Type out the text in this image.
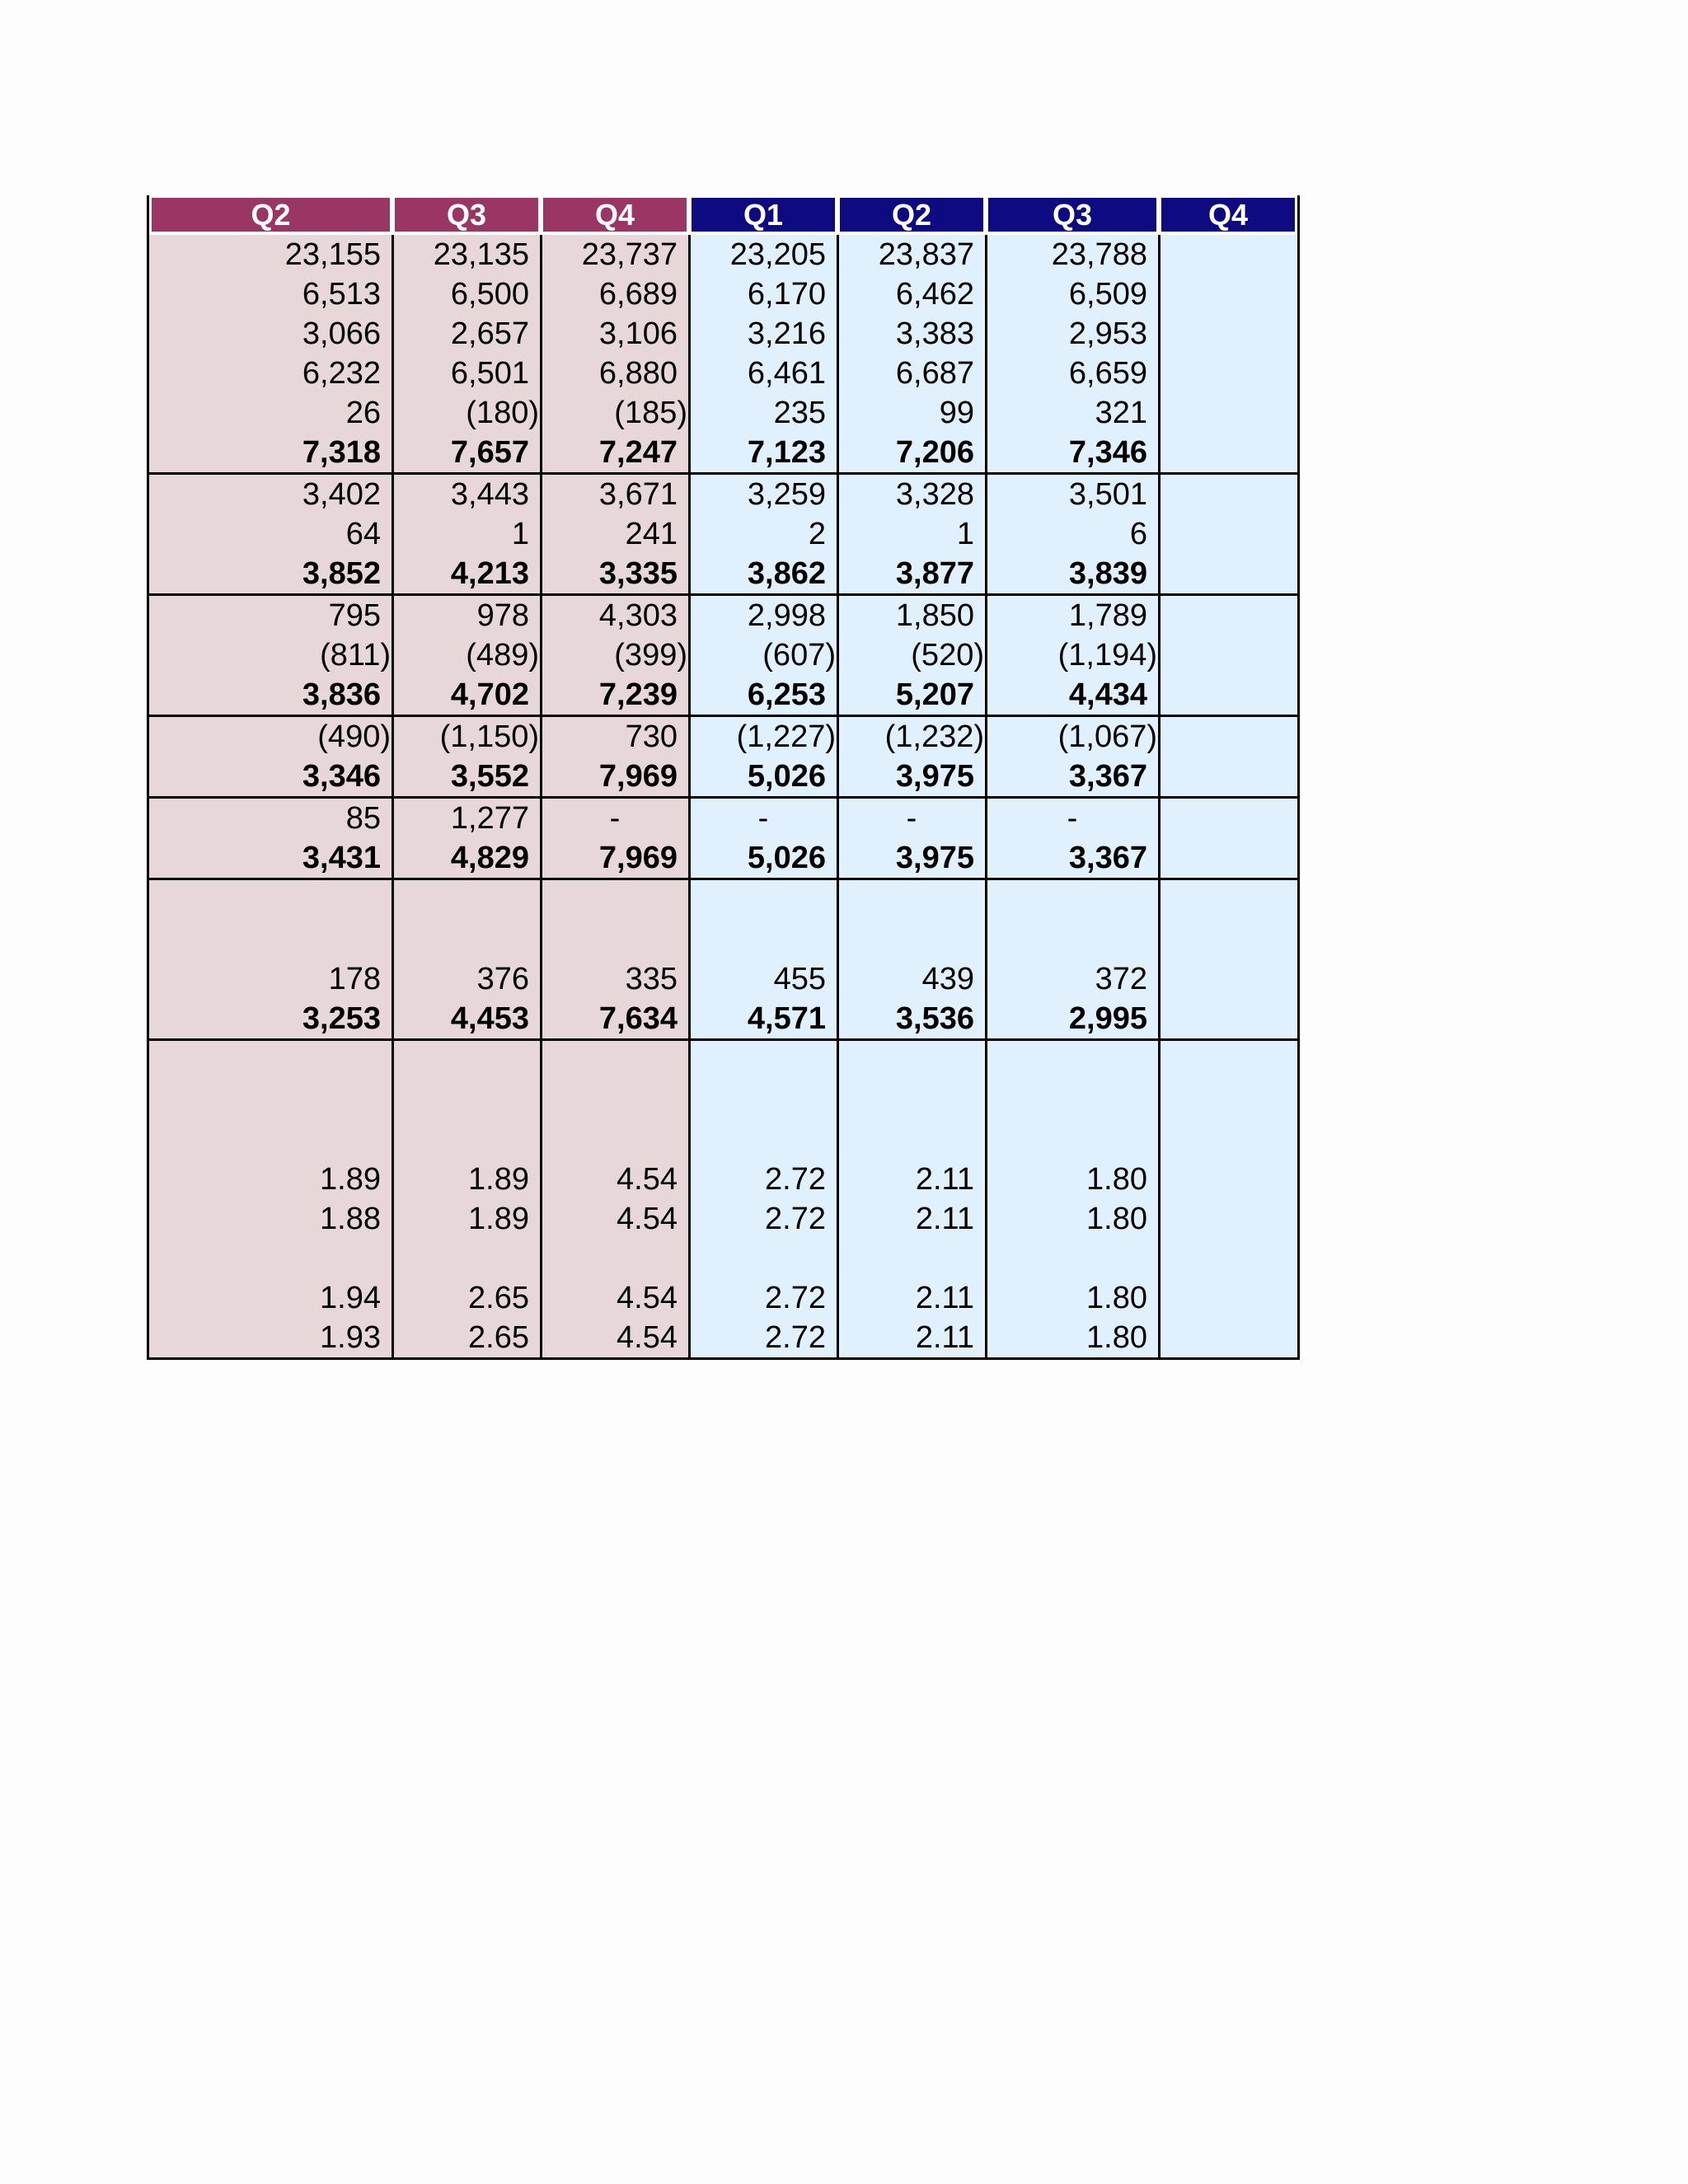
Q2	Q3	Q4	Q1	Q2	Q3	Q4
23,155	23,135	23,737	23,205	23,837	23,788
6,513	6,500	6,689	6,170	6,462	6,509
3,066	2,657	3,106	3,216	3,383	2,953
6,232	6,501	6,880	6,461	6,687	6,659
26	(180)	(185)	235	99	321
7,318	7,657	7,247	7,123	7,206	7,346
3,402	3,443	3,671	3,259	3,328	3,501
64	1	241	2	1	6
3,852	4,213	3,335	3,862	3,877	3,839
795	978	4,303	2,998	1,850	1,789
(811)	(489)	(399)	(607)	(520)	(1,194)
3,836	4,702	7,239	6,253	5,207	4,434
(490)	(1,150)	730	(1,227)	(1,232)	(1,067)
3,346	3,552	7,969	5,026	3,975	3,367
85	1,277	-	-	-	-
3,431	4,829	7,969	5,026	3,975	3,367
178	376	335	455	439	372
3,253	4,453	7,634	4,571	3,536	2,995
1.89	1.89	4.54	2.72	2.11	1.80
1.88	1.89	4.54	2.72	2.11	1.80
1.94	2.65	4.54	2.72	2.11	1.80
1.93	2.65	4.54	2.72	2.11	1.80
